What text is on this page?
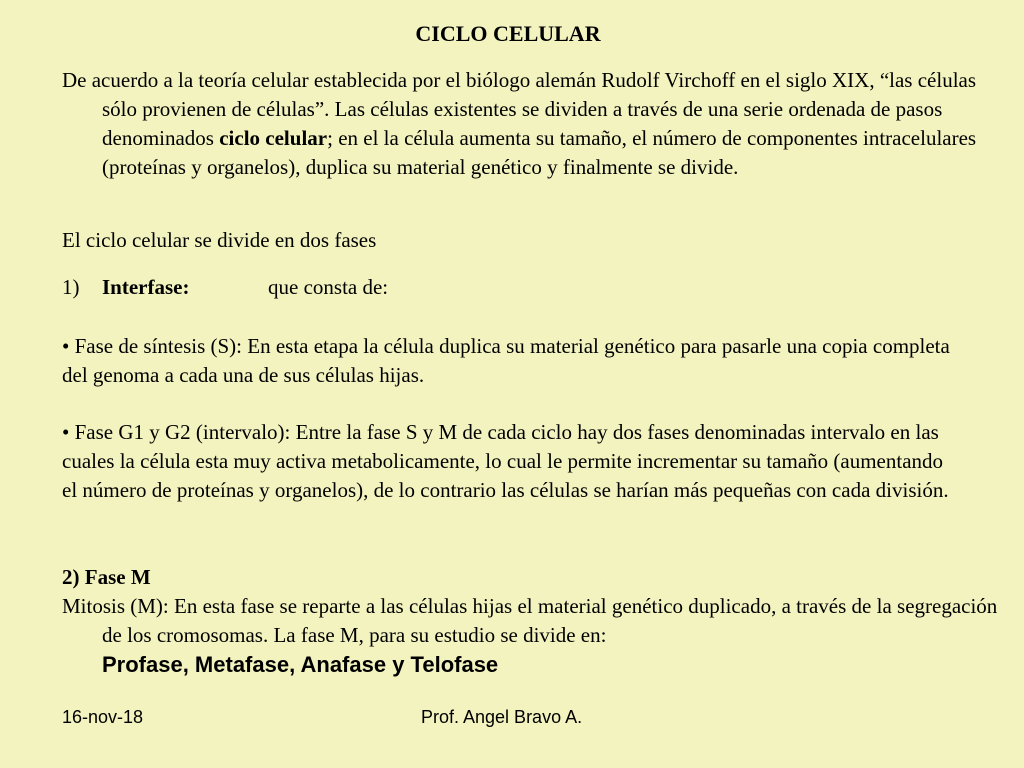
CICLO CELULAR
De acuerdo a la teoría celular establecida por el biólogo alemán Rudolf Virchoff en el siglo XIX, “las células sólo provienen de células”. Las células existentes se dividen a través de una serie ordenada de pasos denominados ciclo celular; en el la célula aumenta su tamaño, el número de componentes intracelulares (proteínas y organelos), duplica su material genético y finalmente se divide.
El ciclo celular se divide en dos fases
1) Interfase:	que consta de:
• Fase de síntesis (S): En esta etapa la célula duplica su material genético para pasarle una copia completa del genoma a cada una de sus células hijas.
• Fase G1 y G2 (intervalo): Entre la fase S y M de cada ciclo hay dos fases denominadas intervalo en las cuales la célula esta muy activa metabolicamente, lo cual le permite incrementar su tamaño (aumentando el número de proteínas y organelos), de lo contrario las células se harían más pequeñas con cada división.
2) Fase M
Mitosis (M): En esta fase se reparte a las células hijas el material genético duplicado, a través de la segregación de los cromosomas. La fase M, para su estudio se divide en:
Profase, Metafase, Anafase y Telofase
16-nov-18	Prof. Angel Bravo A.
